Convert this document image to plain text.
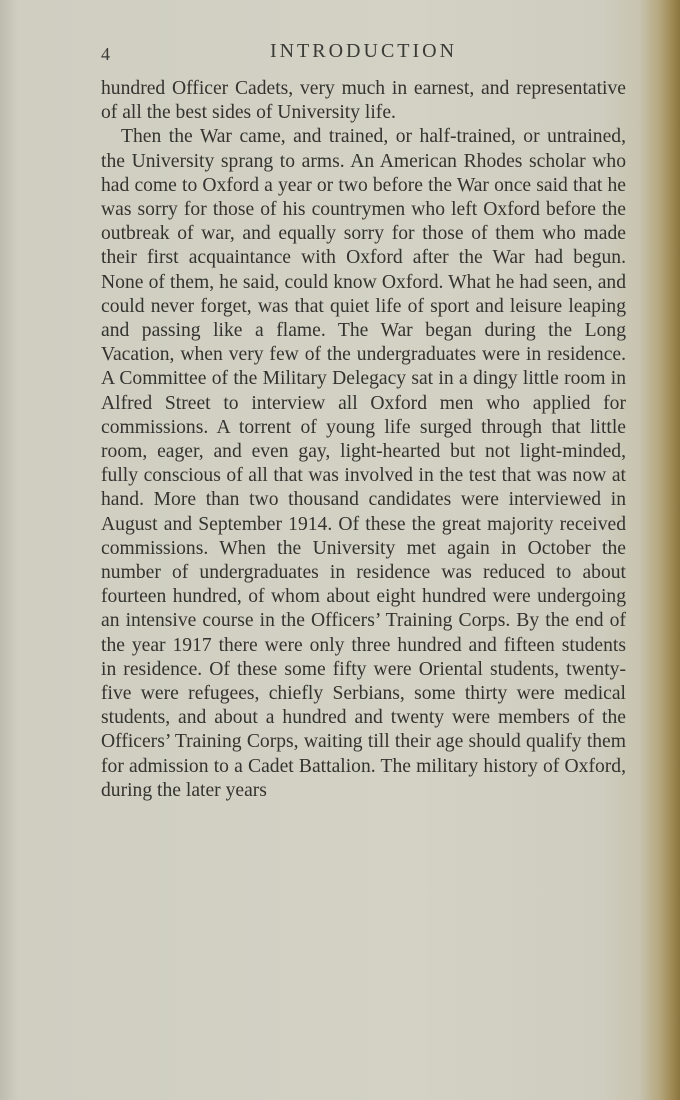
4	INTRODUCTION

hundred Officer Cadets, very much in earnest, and representative of all the best sides of University life.

Then the War came, and trained, or half-trained, or untrained, the University sprang to arms. An American Rhodes scholar who had come to Oxford a year or two before the War once said that he was sorry for those of his countrymen who left Oxford before the outbreak of war, and equally sorry for those of them who made their first acquaintance with Oxford after the War had begun. None of them, he said, could know Oxford. What he had seen, and could never forget, was that quiet life of sport and leisure leaping and passing like a flame. The War began during the Long Vacation, when very few of the undergraduates were in residence. A Committee of the Military Delegacy sat in a dingy little room in Alfred Street to interview all Oxford men who applied for commissions. A torrent of young life surged through that little room, eager, and even gay, light-hearted but not light-minded, fully conscious of all that was involved in the test that was now at hand. More than two thousand candidates were interviewed in August and September 1914. Of these the great majority received commissions. When the University met again in October the number of undergraduates in residence was reduced to about fourteen hundred, of whom about eight hundred were undergoing an intensive course in the Officers’ Training Corps. By the end of the year 1917 there were only three hundred and fifteen students in residence. Of these some fifty were Oriental students, twenty-five were refugees, chiefly Serbians, some thirty were medical students, and about a hundred and twenty were members of the Officers’ Training Corps, waiting till their age should qualify them for admission to a Cadet Battalion. The military history of Oxford, during the later years
